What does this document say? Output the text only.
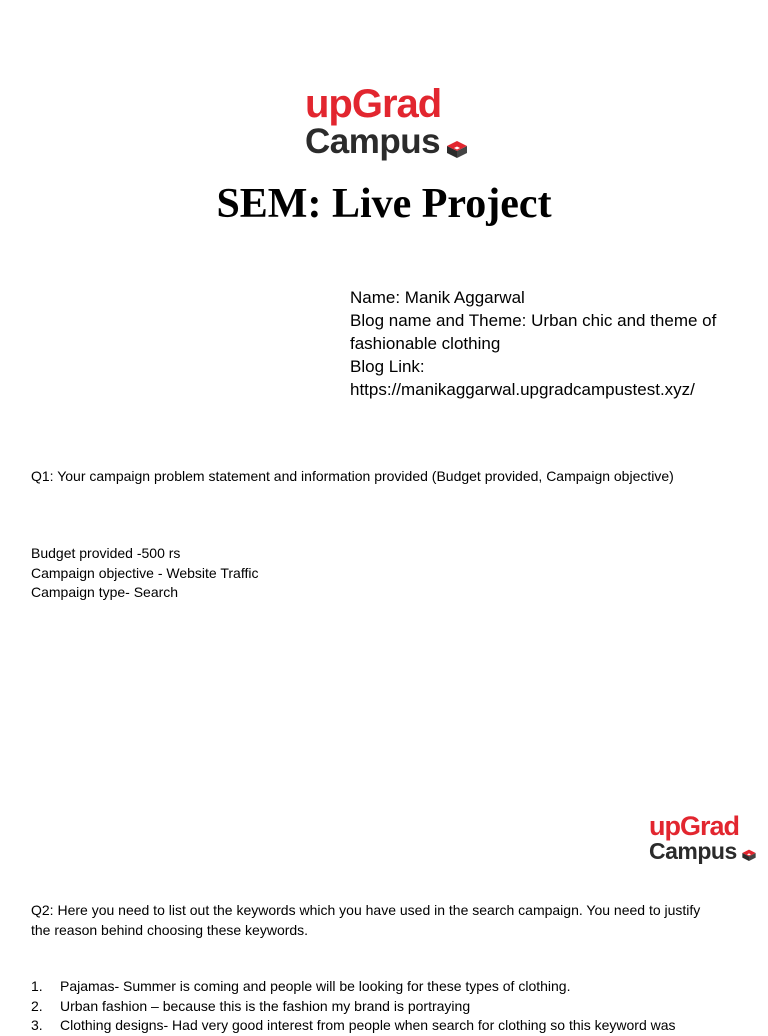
upGrad
Campus
SEM: Live Project
Name: Manik Aggarwal
Blog name and Theme: Urban chic and theme of fashionable clothing
Blog Link:
https://manikaggarwal.upgradcampustest.xyz/
Q1: Your campaign problem statement and information provided (Budget provided, Campaign objective)
Budget provided -500 rs
Campaign objective - Website Traffic
Campaign type- Search
upGrad
Campus
Q2: Here you need to list out the keywords which you have used in the search campaign. You need to justify the reason behind choosing these keywords.
1. Pajamas- Summer is coming and people will be looking for these types of clothing.
2. Urban fashion – because this is the fashion my brand is portraying
3. Clothing designs- Had very good interest from people when search for clothing so this keyword was
